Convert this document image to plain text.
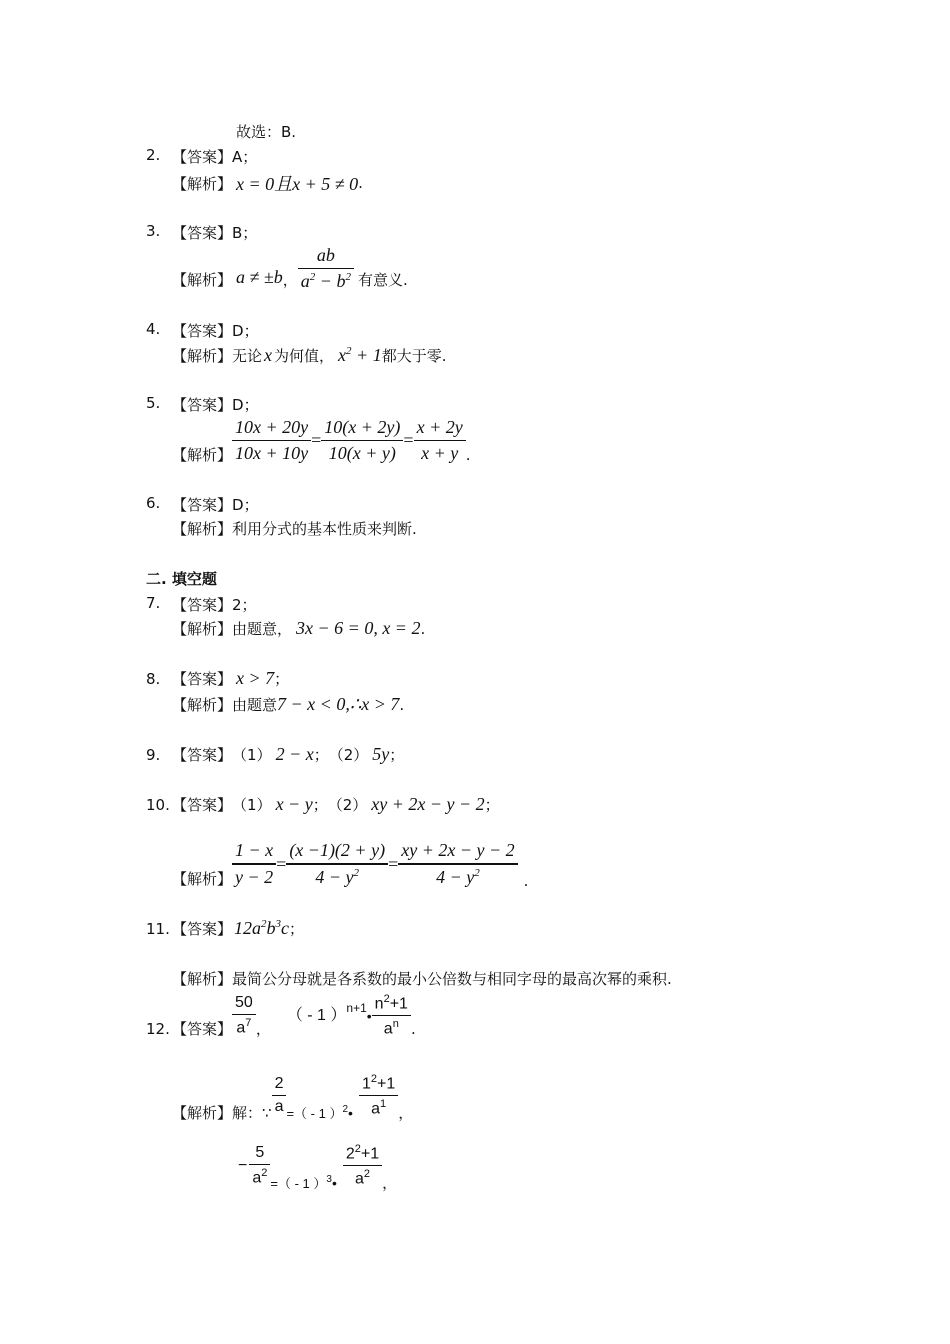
故选：B.
2. 【答案】A；
【解析】 x = 0且x + 5 ≠ 0 .
3. 【答案】B；
【解析】 a ≠ ±b ， $\frac{ab}{a^2 - b^2}$ 有意义.
4. 【答案】D；
【解析】 无论 x 为何值， $x^2 + 1$ 都大于零.
5. 【答案】D；
【解析】 $\frac{10x + 20y}{10x + 10y} = \frac{10(x + 2y)}{10(x + y)} = \frac{x + 2y}{x + y}$ .
6. 【答案】D；
【解析】利用分式的基本性质来判断.
二. 填空题
7. 【答案】2；
【解析】 由题意， 3x − 6 = 0, x = 2 .
8. 【答案】 x > 7 ；
【解析】 由题意 7 − x < 0,∴x > 7 .
9. 【答案】 （1） 2 − x ； （2） 5y ；
10. 【答案】 （1） x − y ； （2） xy + 2x − y − 2 ；
【解析】 $\frac{1 - x}{y - 2} = \frac{(x -1)(2 + y)}{4 - y^2} = \frac{xy + 2x - y - 2}{4 - y^2}$ .
11. 【答案】 $12a^2b^3c$ ；
【解析】最简公分母就是各系数的最小公倍数与相同字母的最高次幂的乘积.
12. 【答案】 $\frac{50}{a^7}$ ，
（ - 1 ） n+1 • $\frac{n^2+1}{a^n}$ .
【解析】 解：∵ $\frac{2}{a}$ =（ - 1 ） 2 • $\frac{1^2+1}{a^1}$ ，
− $\frac{5}{a^2}$ =（ - 1 ） 3 • $\frac{2^2+1}{a^2}$ ，
